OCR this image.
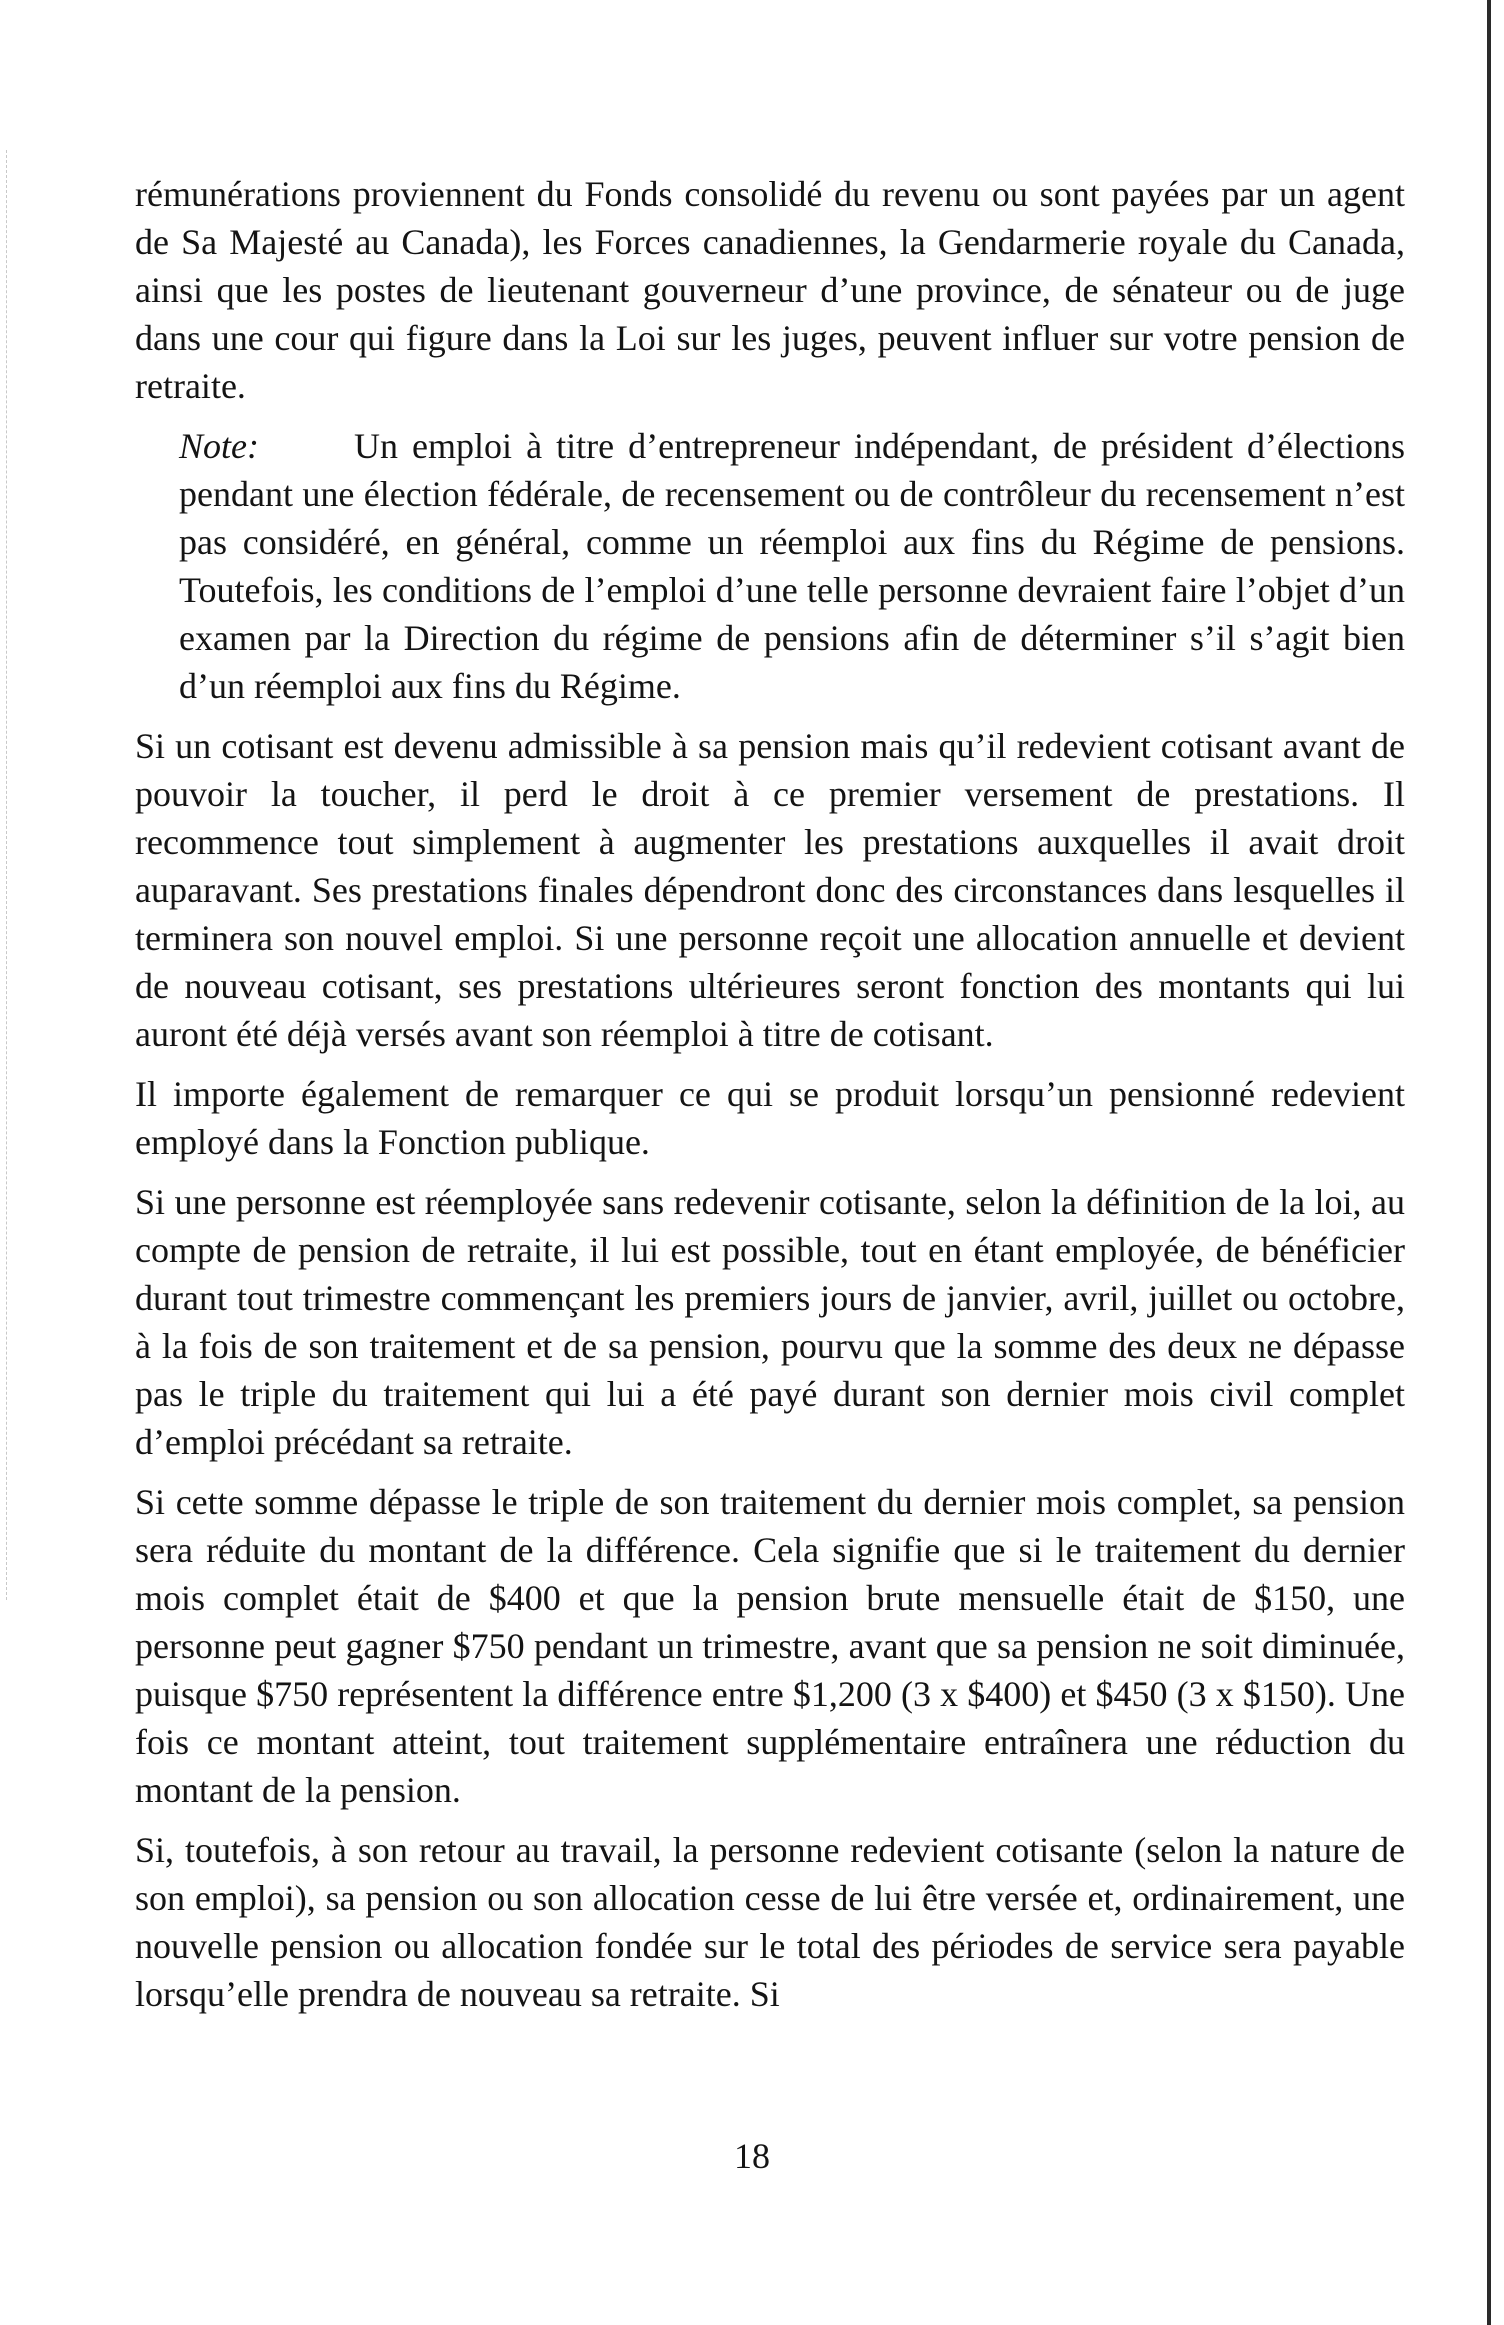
rémunérations proviennent du Fonds consolidé du revenu ou sont payées par un agent de Sa Majesté au Canada), les Forces canadiennes, la Gendarmerie royale du Canada, ainsi que les postes de lieutenant gouverneur d’une province, de sénateur ou de juge dans une cour qui figure dans la Loi sur les juges, peuvent influer sur votre pension de retraite.

Note:	Un emploi à titre d’entrepreneur indépendant, de président d’élections pendant une élection fédérale, de recensement ou de contrôleur du recensement n’est pas considéré, en général, comme un réemploi aux fins du Régime de pensions. Toutefois, les conditions de l’emploi d’une telle personne devraient faire l’objet d’un examen par la Direction du régime de pensions afin de déterminer s’il s’agit bien d’un réemploi aux fins du Régime.

Si un cotisant est devenu admissible à sa pension mais qu’il redevient cotisant avant de pouvoir la toucher, il perd le droit à ce premier versement de prestations. Il recommence tout simplement à augmenter les prestations auxquelles il avait droit auparavant. Ses prestations finales dépendront donc des circonstances dans lesquelles il terminera son nouvel emploi. Si une personne reçoit une allocation annuelle et devient de nouveau cotisant, ses prestations ultérieures seront fonction des montants qui lui auront été déjà versés avant son réemploi à titre de cotisant.

Il importe également de remarquer ce qui se produit lorsqu’un pensionné redevient employé dans la Fonction publique.

Si une personne est réemployée sans redevenir cotisante, selon la définition de la loi, au compte de pension de retraite, il lui est possible, tout en étant employée, de bénéficier durant tout trimestre commençant les premiers jours de janvier, avril, juillet ou octobre, à la fois de son traitement et de sa pension, pourvu que la somme des deux ne dépasse pas le triple du traitement qui lui a été payé durant son dernier mois civil complet d’emploi précédant sa retraite.

Si cette somme dépasse le triple de son traitement du dernier mois complet, sa pension sera réduite du montant de la différence. Cela signifie que si le traitement du dernier mois complet était de $400 et que la pension brute mensuelle était de $150, une personne peut gagner $750 pendant un trimestre, avant que sa pension ne soit diminuée, puisque $750 représentent la différence entre $1,200 (3 x $400) et $450 (3 x $150). Une fois ce montant atteint, tout traitement supplémentaire entraînera une réduction du montant de la pension.

Si, toutefois, à son retour au travail, la personne redevient cotisante (selon la nature de son emploi), sa pension ou son allocation cesse de lui être versée et, ordinairement, une nouvelle pension ou allocation fondée sur le total des périodes de service sera payable lorsqu’elle prendra de nouveau sa retraite. Si

18
